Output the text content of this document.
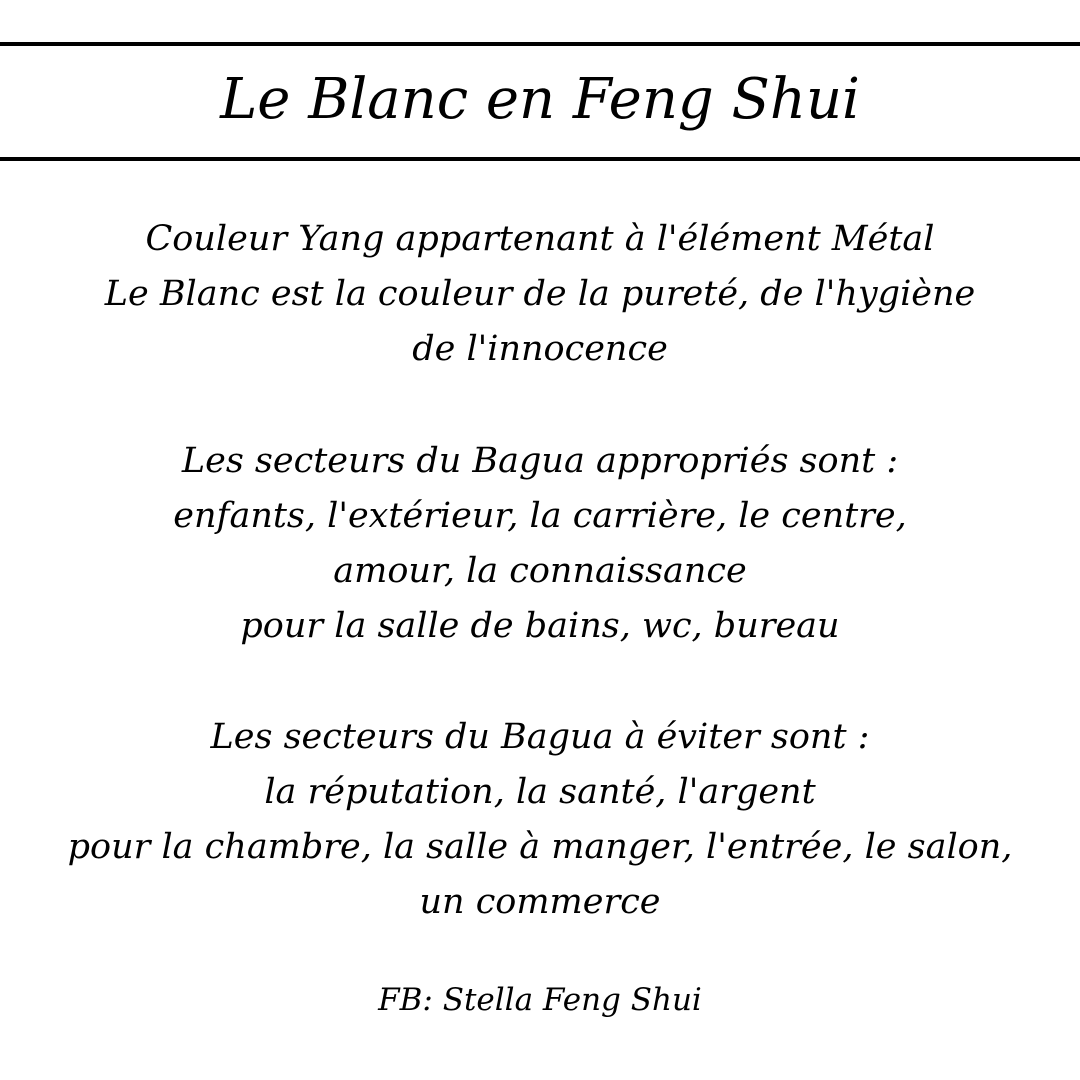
Le Blanc en Feng Shui
Couleur Yang appartenant à l'élément Métal
Le Blanc est la couleur de la pureté, de l'hygiène
de l'innocence
Les secteurs du Bagua appropriés sont :
enfants, l'extérieur, la carrière, le centre,
amour, la connaissance
pour la salle de bains, wc, bureau
Les secteurs du Bagua à éviter sont :
la réputation, la santé, l'argent
pour la chambre, la salle à manger, l'entrée, le salon,
un commerce
FB: Stella Feng Shui
